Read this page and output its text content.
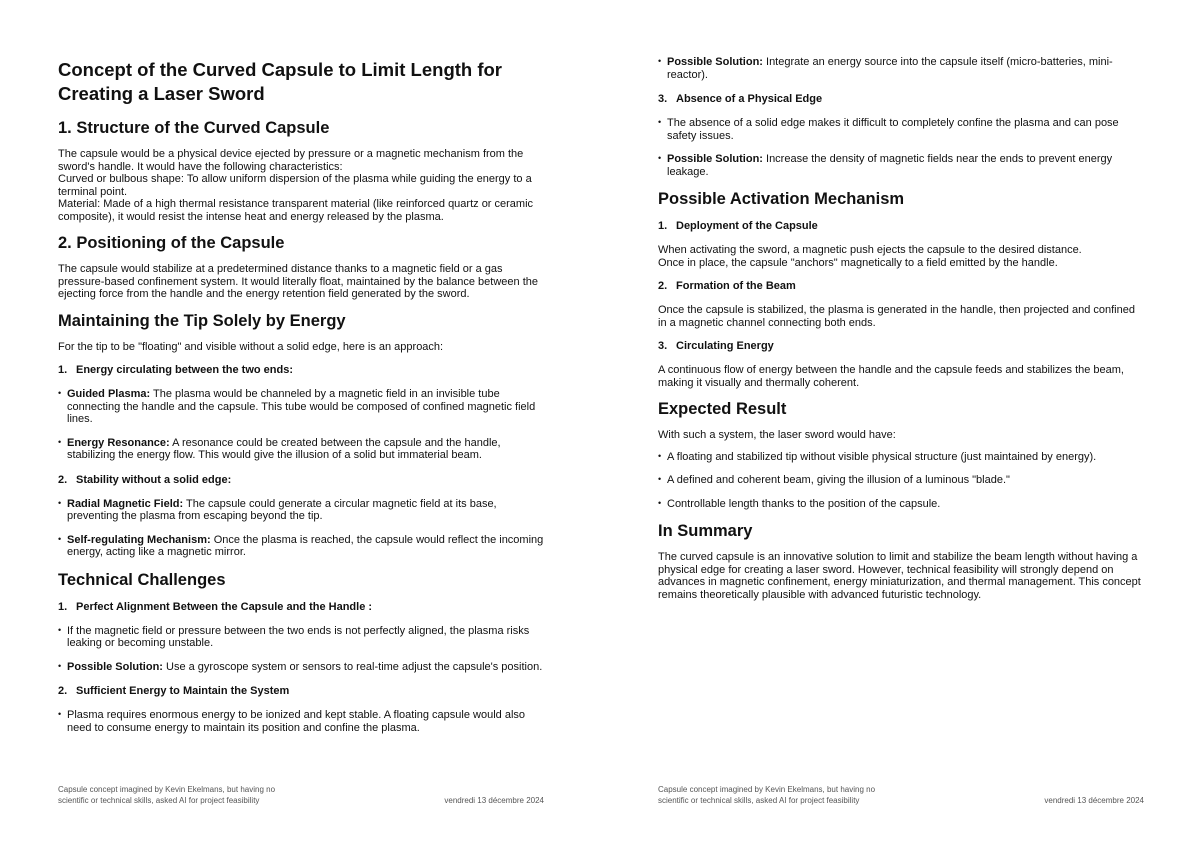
Concept of the Curved Capsule to Limit Length for Creating a Laser Sword
1. Structure of the Curved Capsule

The capsule would be a physical device ejected by pressure or a magnetic mechanism from the sword's handle. It would have the following characteristics:
Curved or bulbous shape: To allow uniform dispersion of the plasma while guiding the energy to a terminal point.
Material: Made of a high thermal resistance transparent material (like reinforced quartz or ceramic composite), it would resist the intense heat and energy released by the plasma.

2. Positioning of the Capsule

The capsule would stabilize at a predetermined distance thanks to a magnetic field or a gas pressure-based confinement system. It would literally float, maintained by the balance between the ejecting force from the handle and the energy retention field generated by the sword.

Maintaining the Tip Solely by Energy

For the tip to be "floating" and visible without a solid edge, here is an approach:

1. Energy circulating between the two ends:
• Guided Plasma: The plasma would be channeled by a magnetic field in an invisible tube connecting the handle and the capsule. This tube would be composed of confined magnetic field lines.
• Energy Resonance: A resonance could be created between the capsule and the handle, stabilizing the energy flow. This would give the illusion of a solid but immaterial beam.
2. Stability without a solid edge:
• Radial Magnetic Field: The capsule could generate a circular magnetic field at its base, preventing the plasma from escaping beyond the tip.
• Self-regulating Mechanism: Once the plasma is reached, the capsule would reflect the incoming energy, acting like a magnetic mirror.
Technical Challenges
1. Perfect Alignment Between the Capsule and the Handle :
• If the magnetic field or pressure between the two ends is not perfectly aligned, the plasma risks leaking or becoming unstable.
• Possible Solution: Use a gyroscope system or sensors to real-time adjust the capsule's position.
2. Sufficient Energy to Maintain the System
• Plasma requires enormous energy to be ionized and kept stable. A floating capsule would also need to consume energy to maintain its position and confine the plasma.
Capsule concept imagined by Kevin Ekelmans, but having no scientific or technical skills, asked AI for project feasibility	vendredi 13 décembre 2024
• Possible Solution: Integrate an energy source into the capsule itself (micro-batteries, mini-reactor).
3. Absence of a Physical Edge
• The absence of a solid edge makes it difficult to completely confine the plasma and can pose safety issues.
• Possible Solution: Increase the density of magnetic fields near the ends to prevent energy leakage.
Possible Activation Mechanism
1. Deployment of the Capsule

When activating the sword, a magnetic push ejects the capsule to the desired distance.
Once in place, the capsule "anchors" magnetically to a field emitted by the handle.

2. Formation of the Beam

Once the capsule is stabilized, the plasma is generated in the handle, then projected and confined in a magnetic channel connecting both ends.

3. Circulating Energy

A continuous flow of energy between the handle and the capsule feeds and stabilizes the beam, making it visually and thermally coherent.

Expected Result

With such a system, the laser sword would have:

• A floating and stabilized tip without visible physical structure (just maintained by energy).
• A defined and coherent beam, giving the illusion of a luminous "blade."
• Controllable length thanks to the position of the capsule.
In Summary

The curved capsule is an innovative solution to limit and stabilize the beam length without having a physical edge for creating a laser sword. However, technical feasibility will strongly depend on advances in magnetic confinement, energy miniaturization, and thermal management. This concept remains theoretically plausible with advanced futuristic technology.

Capsule concept imagined by Kevin Ekelmans, but having no scientific or technical skills, asked AI for project feasibility	vendredi 13 décembre 2024
